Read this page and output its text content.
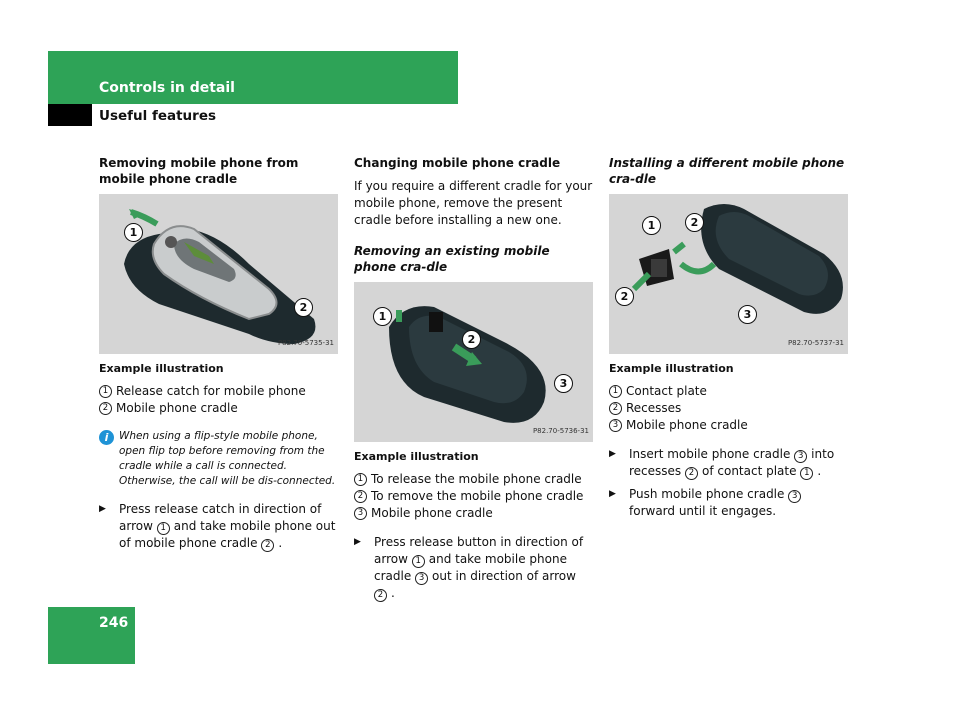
Controls in detail
Useful features

Removing mobile phone from mobile phone cradle

1
2
P82.70-5735-31

Example illustration

1 Release catch for mobile phone
2 Mobile phone cradle
i	When using a flip-style mobile phone, open flip top before removing from the cradle while a call is connected. Otherwise, the call will be dis-connected.
▶	Press release catch in direction of arrow 1 and take mobile phone out of mobile phone cradle 2 .

Changing mobile phone cradle

If you require a different cradle for your mobile phone, remove the present cradle before installing a new one.

Removing an existing mobile phone cra-dle

1
2
3
P82.70-5736-31

Example illustration

1 To release the mobile phone cradle
2 To remove the mobile phone cradle
3 Mobile phone cradle
▶	Press release button in direction of arrow 1 and take mobile phone cradle 3 out in direction of arrow 2 .

Installing a different mobile phone cra-dle

1	2
2
3
P82.70-5737-31

Example illustration

1 Contact plate
2 Recesses
3 Mobile phone cradle
▶	Insert mobile phone cradle 3 into recesses 2 of contact plate 1 .
▶	Push mobile phone cradle 3forward until it engages.

246
